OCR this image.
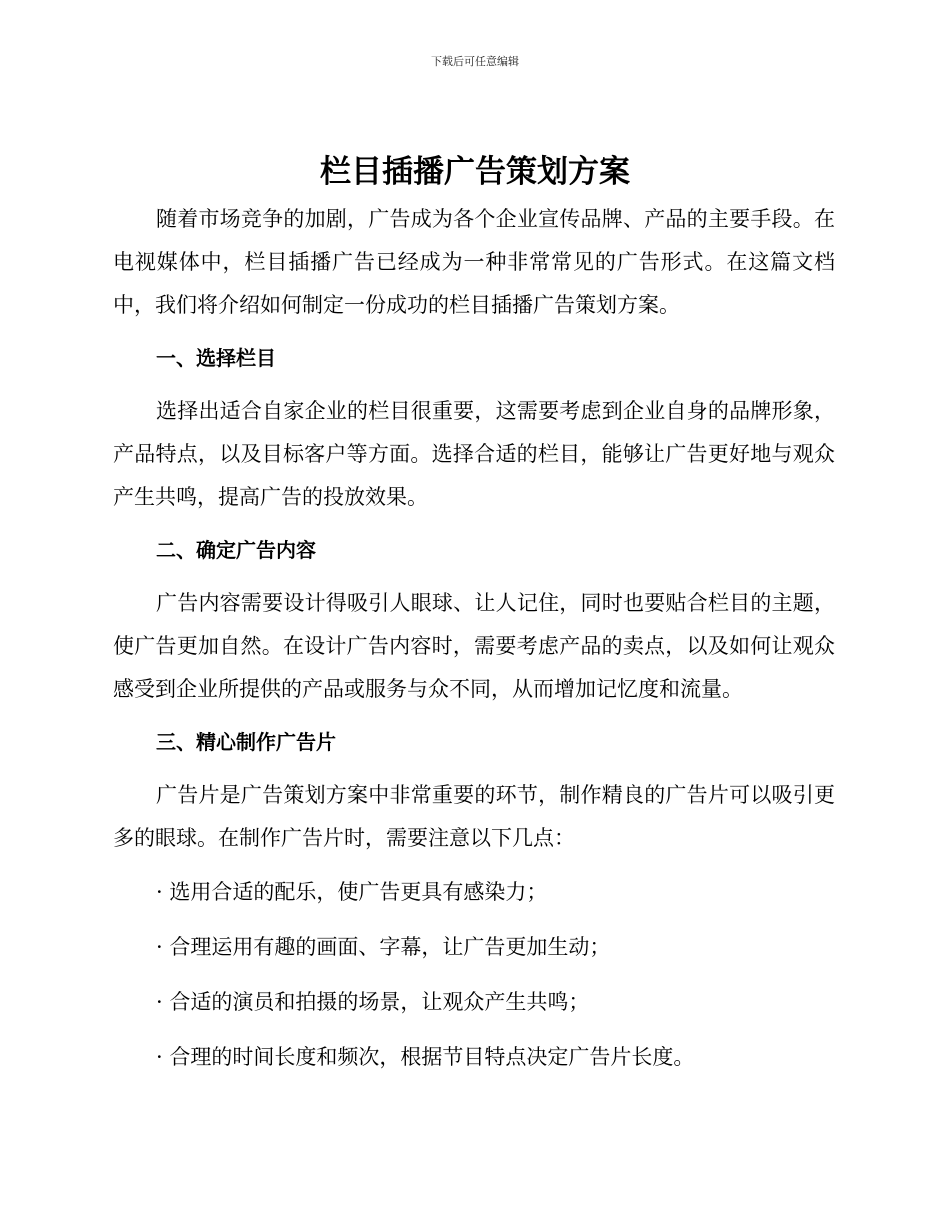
下载后可任意编辑
栏目插播广告策划方案

随着市场竞争的加剧，广告成为各个企业宣传品牌、产品的主要手段。在电视媒体中，栏目插播广告已经成为一种非常常见的广告形式。在这篇文档中，我们将介绍如何制定一份成功的栏目插播广告策划方案。

一、选择栏目

选择出适合自家企业的栏目很重要，这需要考虑到企业自身的品牌形象，产品特点，以及目标客户等方面。选择合适的栏目，能够让广告更好地与观众产生共鸣，提高广告的投放效果。

二、确定广告内容

广告内容需要设计得吸引人眼球、让人记住，同时也要贴合栏目的主题，使广告更加自然。在设计广告内容时，需要考虑产品的卖点，以及如何让观众感受到企业所提供的产品或服务与众不同，从而增加记忆度和流量。

三、精心制作广告片

广告片是广告策划方案中非常重要的环节，制作精良的广告片可以吸引更多的眼球。在制作广告片时，需要注意以下几点：

· 选用合适的配乐，使广告更具有感染力；
· 合理运用有趣的画面、字幕，让广告更加生动；
· 合适的演员和拍摄的场景，让观众产生共鸣；
· 合理的时间长度和频次，根据节目特点决定广告片长度。
